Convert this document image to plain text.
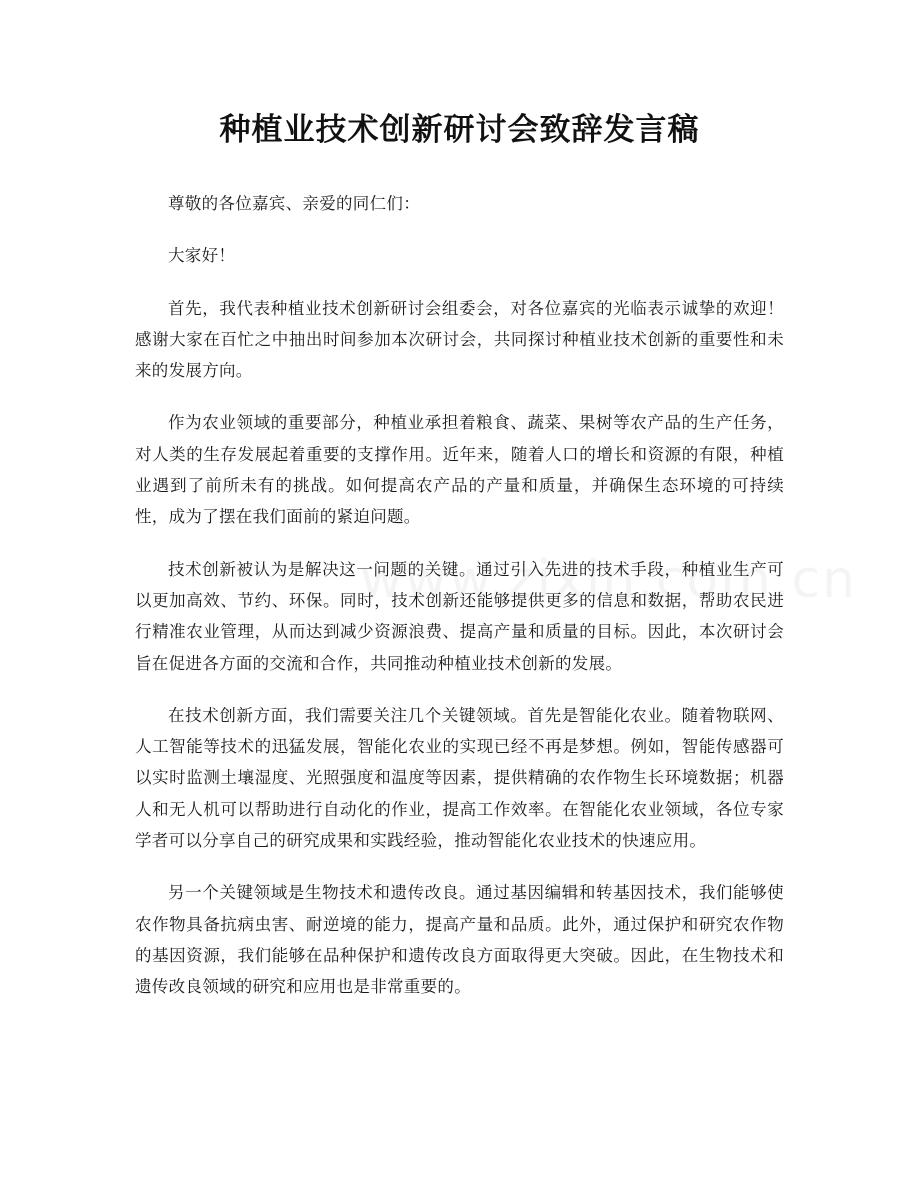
种植业技术创新研讨会致辞发言稿

尊敬的各位嘉宾、亲爱的同仁们：

大家好！

首先，我代表种植业技术创新研讨会组委会，对各位嘉宾的光临表示诚挚的欢迎！感谢大家在百忙之中抽出时间参加本次研讨会，共同探讨种植业技术创新的重要性和未来的发展方向。

作为农业领域的重要部分，种植业承担着粮食、蔬菜、果树等农产品的生产任务，对人类的生存发展起着重要的支撑作用。近年来，随着人口的增长和资源的有限，种植业遇到了前所未有的挑战。如何提高农产品的产量和质量，并确保生态环境的可持续性，成为了摆在我们面前的紧迫问题。

技术创新被认为是解决这一问题的关键。通过引入先进的技术手段，种植业生产可以更加高效、节约、环保。同时，技术创新还能够提供更多的信息和数据，帮助农民进行精准农业管理，从而达到减少资源浪费、提高产量和质量的目标。因此，本次研讨会旨在促进各方面的交流和合作，共同推动种植业技术创新的发展。

在技术创新方面，我们需要关注几个关键领域。首先是智能化农业。随着物联网、人工智能等技术的迅猛发展，智能化农业的实现已经不再是梦想。例如，智能传感器可以实时监测土壤湿度、光照强度和温度等因素，提供精确的农作物生长环境数据；机器人和无人机可以帮助进行自动化的作业，提高工作效率。在智能化农业领域，各位专家学者可以分享自己的研究成果和实践经验，推动智能化农业技术的快速应用。

另一个关键领域是生物技术和遗传改良。通过基因编辑和转基因技术，我们能够使农作物具备抗病虫害、耐逆境的能力，提高产量和品质。此外，通过保护和研究农作物的基因资源，我们能够在品种保护和遗传改良方面取得更大突破。因此，在生物技术和遗传改良领域的研究和应用也是非常重要的。
